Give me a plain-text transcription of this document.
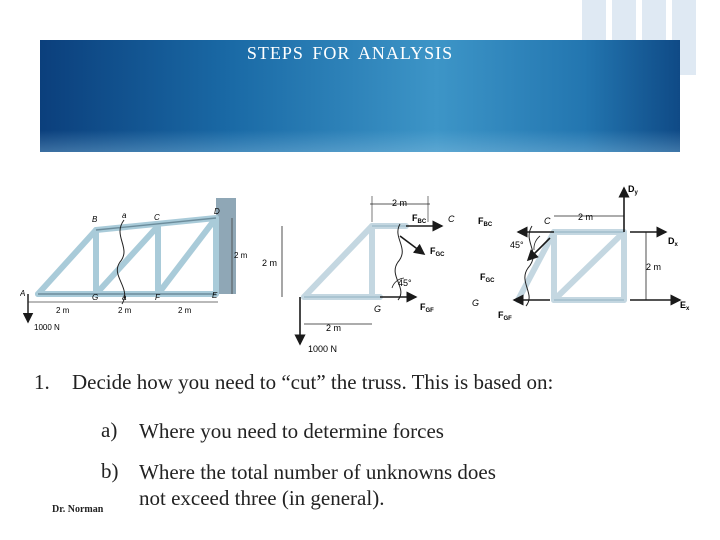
STEPS FOR ANALYSIS
B	a	C
D
A	G	a	F	E
2 m	2 m	2 m
2 m
1000 N
2 m
2 m
2 m
1000 N
$F_{BC}$ C
$F_{GC}$
45°
G	$F_{GF}$
2 m
2 m
$F_{BC}$	C
45°
$F_{GC}$
G
$F_{GF}$
$D_y$
$D_x$
$E_x$
1. Decide how you need to “cut” the truss. This is based on:
a) Where you need to determine forces
b) Where the total number of unknowns does not exceed three (in general).
Dr. Norman
